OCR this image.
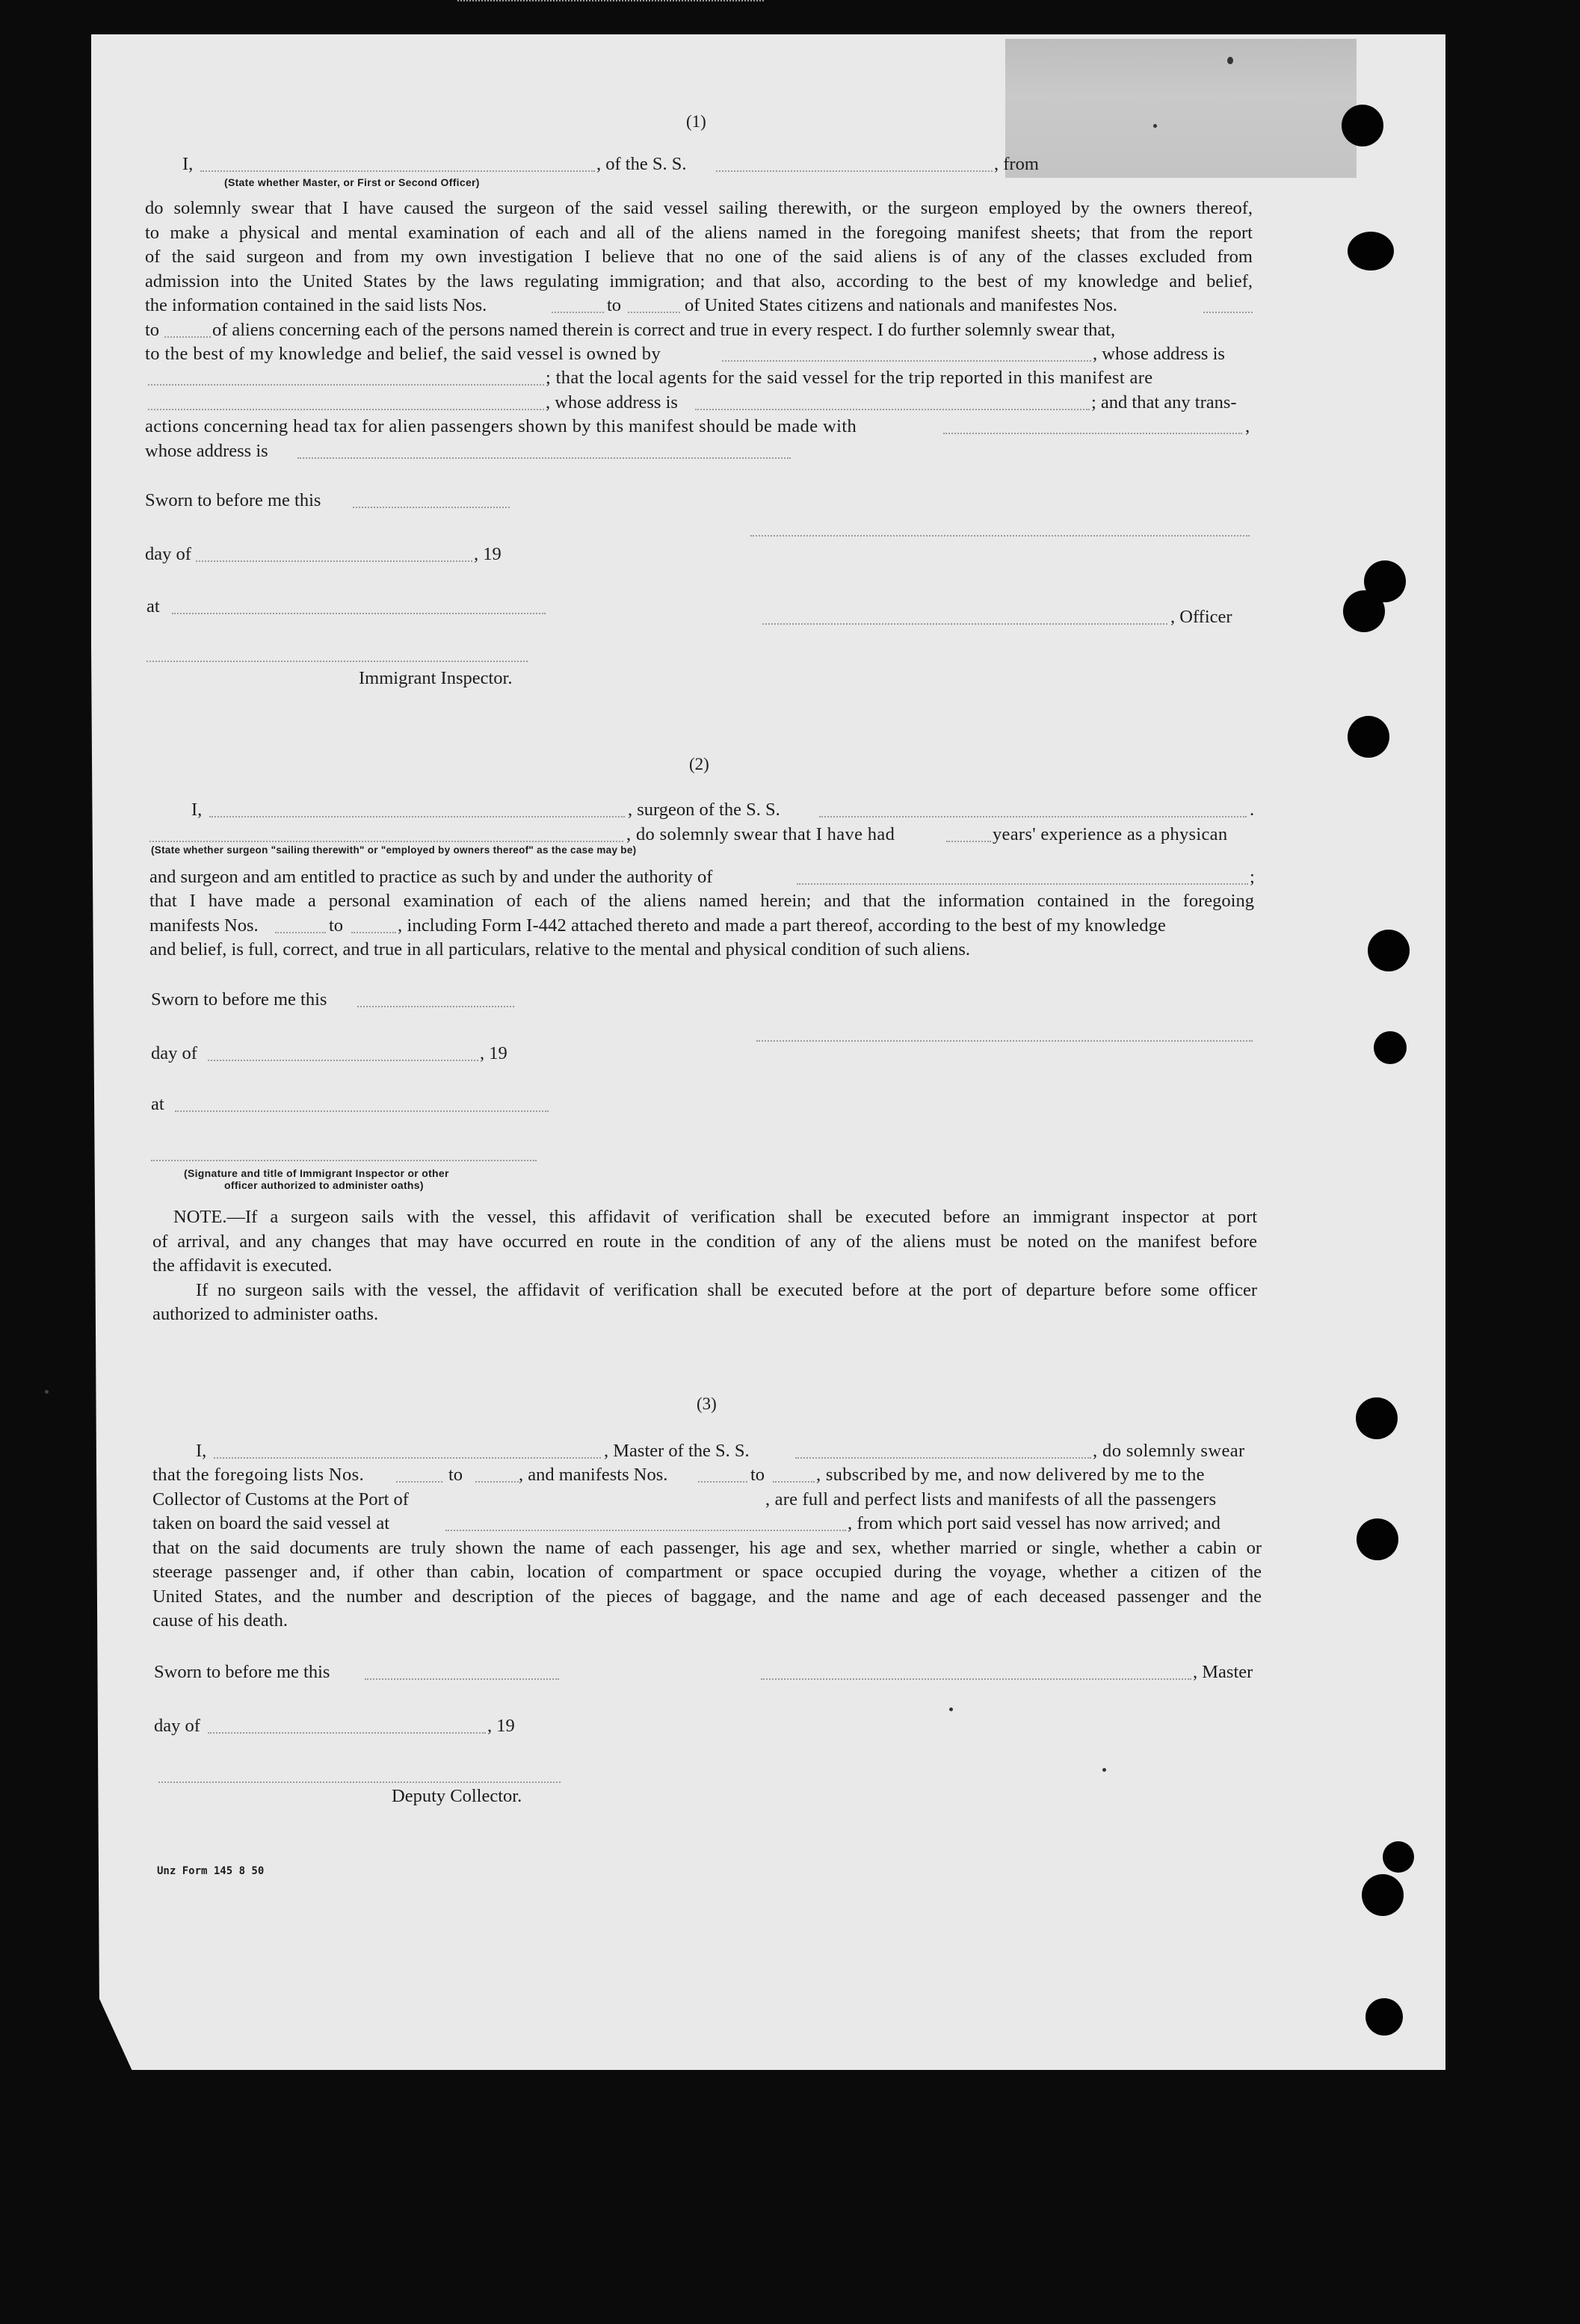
(1)
I,	, of the S. S.	, from
(State whether Master, or First or Second Officer)
do solemnly swear that I have caused the surgeon of the said vessel sailing therewith, or the surgeon employed by the owners thereof,
to make a physical and mental examination of each and all of the aliens named in the foregoing manifest sheets; that from the report
of the said surgeon and from my own investigation I believe that no one of the said aliens is of any of the classes excluded from
admission into the United States by the laws regulating immigration; and that also, according to the best of my knowledge and belief,
the information contained in the said lists Nos.	to	of United States citizens and nationals and manifestes Nos.
to	of aliens concerning each of the persons named therein is correct and true in every respect. I do further solemnly swear that,
to the best of my knowledge and belief, the said vessel is owned by	, whose address is
; that the local agents for the said vessel for the trip reported in this manifest are
, whose address is	; and that any trans-
actions concerning head tax for alien passengers shown by this manifest should be made with	,
whose address is
Sworn to before me this
day of	, 19
at
, Officer
Immigrant Inspector.
(2)
I,	, surgeon of the S. S.	.
, do solemnly swear that I have had	years' experience as a physican
(State whether surgeon "sailing therewith" or "employed by owners thereof" as the case may be)
and surgeon and am entitled to practice as such by and under the authority of	;
that I have made a personal examination of each of the aliens named herein; and that the information contained in the foregoing
manifests Nos.	to	, including Form I-442 attached thereto and made a part thereof, according to the best of my knowledge
and belief, is full, correct, and true in all particulars, relative to the mental and physical condition of such aliens.
Sworn to before me this
day of	, 19
at
(Signature and title of Immigrant Inspector or other
officer authorized to administer oaths)
NOTE.—If a surgeon sails with the vessel, this affidavit of verification shall be executed before an immigrant inspector at port
of arrival, and any changes that may have occurred en route in the condition of any of the aliens must be noted on the manifest before
the affidavit is executed.
If no surgeon sails with the vessel, the affidavit of verification shall be executed before at the port of departure before some officer
authorized to administer oaths.
(3)
I,	, Master of the S. S.	, do solemnly swear
that the foregoing lists Nos.	to	, and manifests Nos.	to	, subscribed by me, and now delivered by me to the
Collector of Customs at the Port of	, are full and perfect lists and manifests of all the passengers
taken on board the said vessel at	, from which port said vessel has now arrived; and
that on the said documents are truly shown the name of each passenger, his age and sex, whether married or single, whether a cabin or
steerage passenger and, if other than cabin, location of compartment or space occupied during the voyage, whether a citizen of the
United States, and the number and description of the pieces of baggage, and the name and age of each deceased passenger and the
cause of his death.
Sworn to before me this	, Master
day of	, 19
Deputy Collector.
Unz Form 145 8 50
